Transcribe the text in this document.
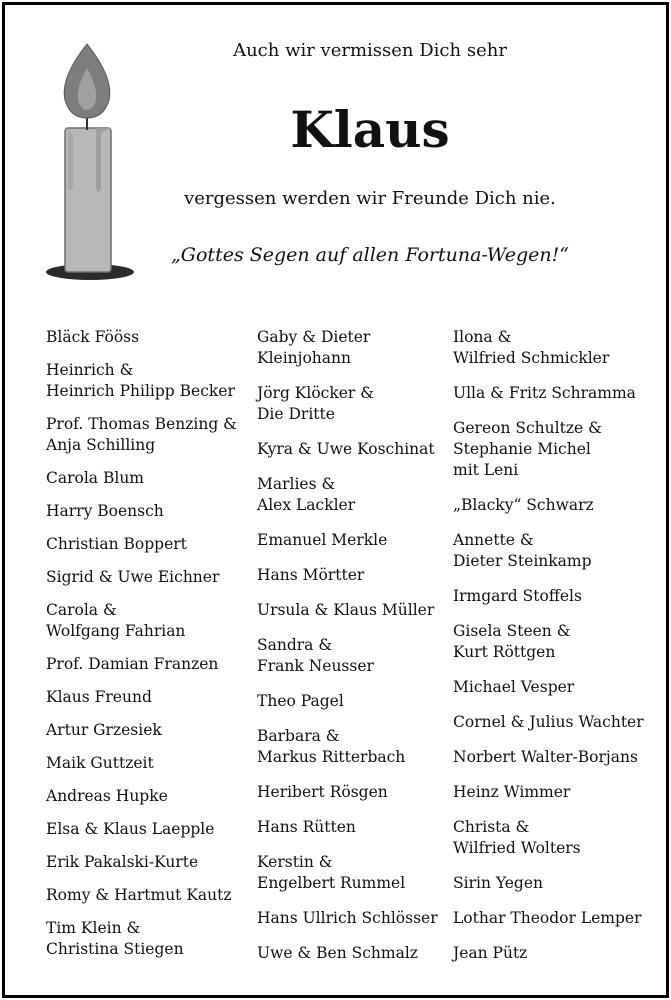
Auch wir vermissen Dich sehr
Klaus
vergessen werden wir Freunde Dich nie.
„Gottes Segen auf allen Fortuna-Wegen!“
Bläck Fööss
Heinrich &
Heinrich Philipp Becker
Prof. Thomas Benzing &
Anja Schilling
Carola Blum
Harry Boensch
Christian Boppert
Sigrid & Uwe Eichner
Carola &
Wolfgang Fahrian
Prof. Damian Franzen
Klaus Freund
Artur Grzesiek
Maik Guttzeit
Andreas Hupke
Elsa & Klaus Laepple
Erik Pakalski-Kurte
Romy & Hartmut Kautz
Tim Klein &
Christina Stiegen
Gaby & Dieter
Kleinjohann
Jörg Klöcker &
Die Dritte
Kyra & Uwe Koschinat
Marlies &
Alex Lackler
Emanuel Merkle
Hans Mörtter
Ursula & Klaus Müller
Sandra &
Frank Neusser
Theo Pagel
Barbara &
Markus Ritterbach
Heribert Rösgen
Hans Rütten
Kerstin &
Engelbert Rummel
Hans Ullrich Schlösser
Uwe & Ben Schmalz
Ilona &
Wilfried Schmickler
Ulla & Fritz Schramma
Gereon Schultze &
Stephanie Michel
mit Leni
„Blacky“ Schwarz
Annette &
Dieter Steinkamp
Irmgard Stoffels
Gisela Steen &
Kurt Röttgen
Michael Vesper
Cornel & Julius Wachter
Norbert Walter-Borjans
Heinz Wimmer
Christa &
Wilfried Wolters
Sirin Yegen
Lothar Theodor Lemper
Jean Pütz
